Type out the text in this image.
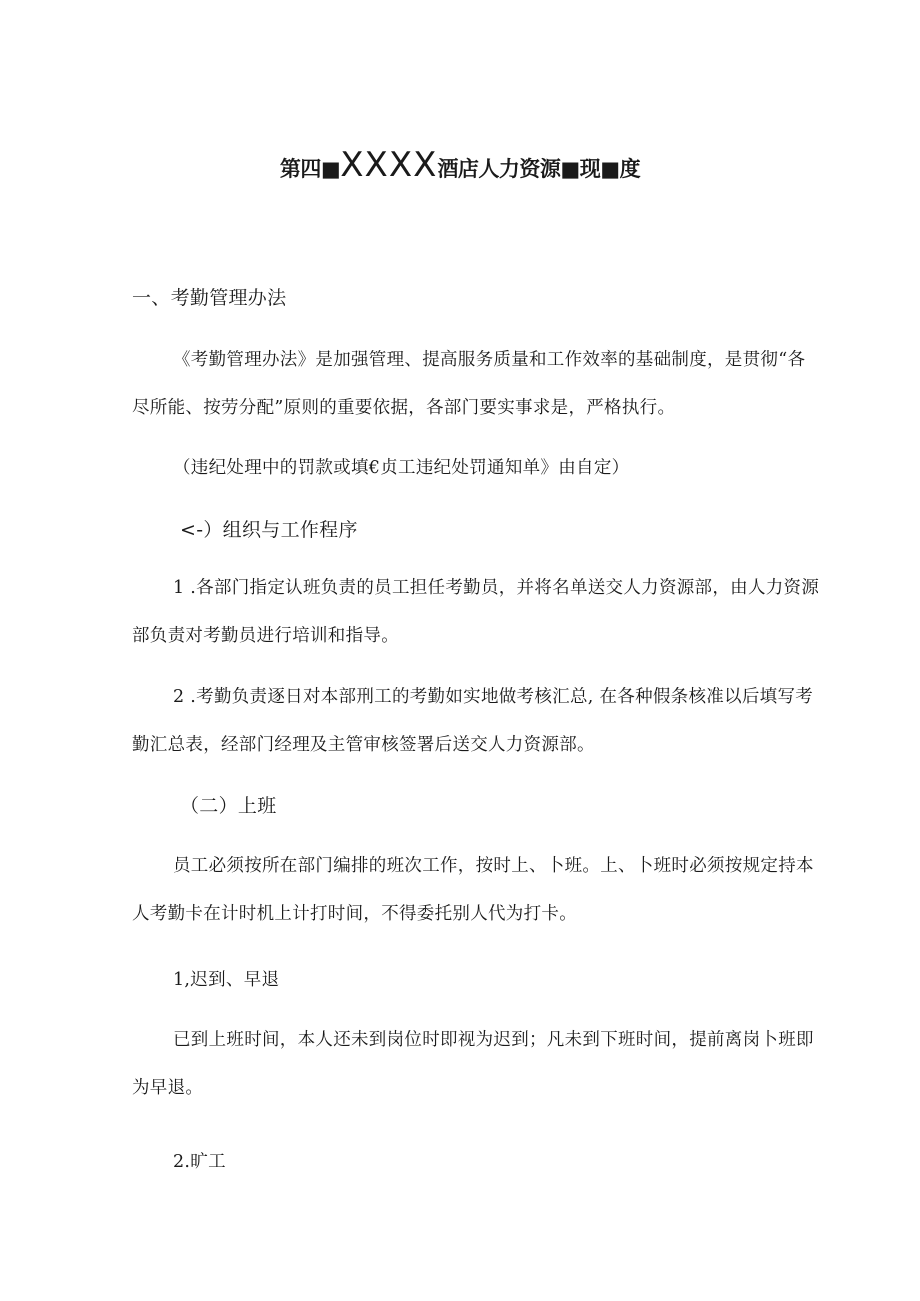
第四■XXXX酒店人力资源■现■度
一、考勤管理办法
《考勤管理办法》是加强管理、提高服务质量和工作效率的基础制度，是贯彻“各
尽所能、按劳分配”原则的重要依据，各部门要实事求是，严格执行。
（违纪处理中的罚款或填€贞工违纪处罚通知单》由自定）
<-）组织与工作程序
1 .各部门指定认班负责的员工担任考勤员，并将名单送交人力资源部，由人力资源
部负责对考勤员进行培训和指导。
2 .考勤负责逐日对本部刑工的考勤如实地做考核汇总, 在各种假条核准以后填写考
勤汇总表，经部门经理及主管审核签署后送交人力资源部。
（二）上班
员工必须按所在部门编排的班次工作，按时上、卜班。上、卜班时必须按规定持本
人考勤卡在计时机上计打时间，不得委托别人代为打卡。
1,迟到、早退
已到上班时间，本人还未到岗位时即视为迟到；凡未到下班时间，提前离岗卜班即
为早退。
2.旷工
